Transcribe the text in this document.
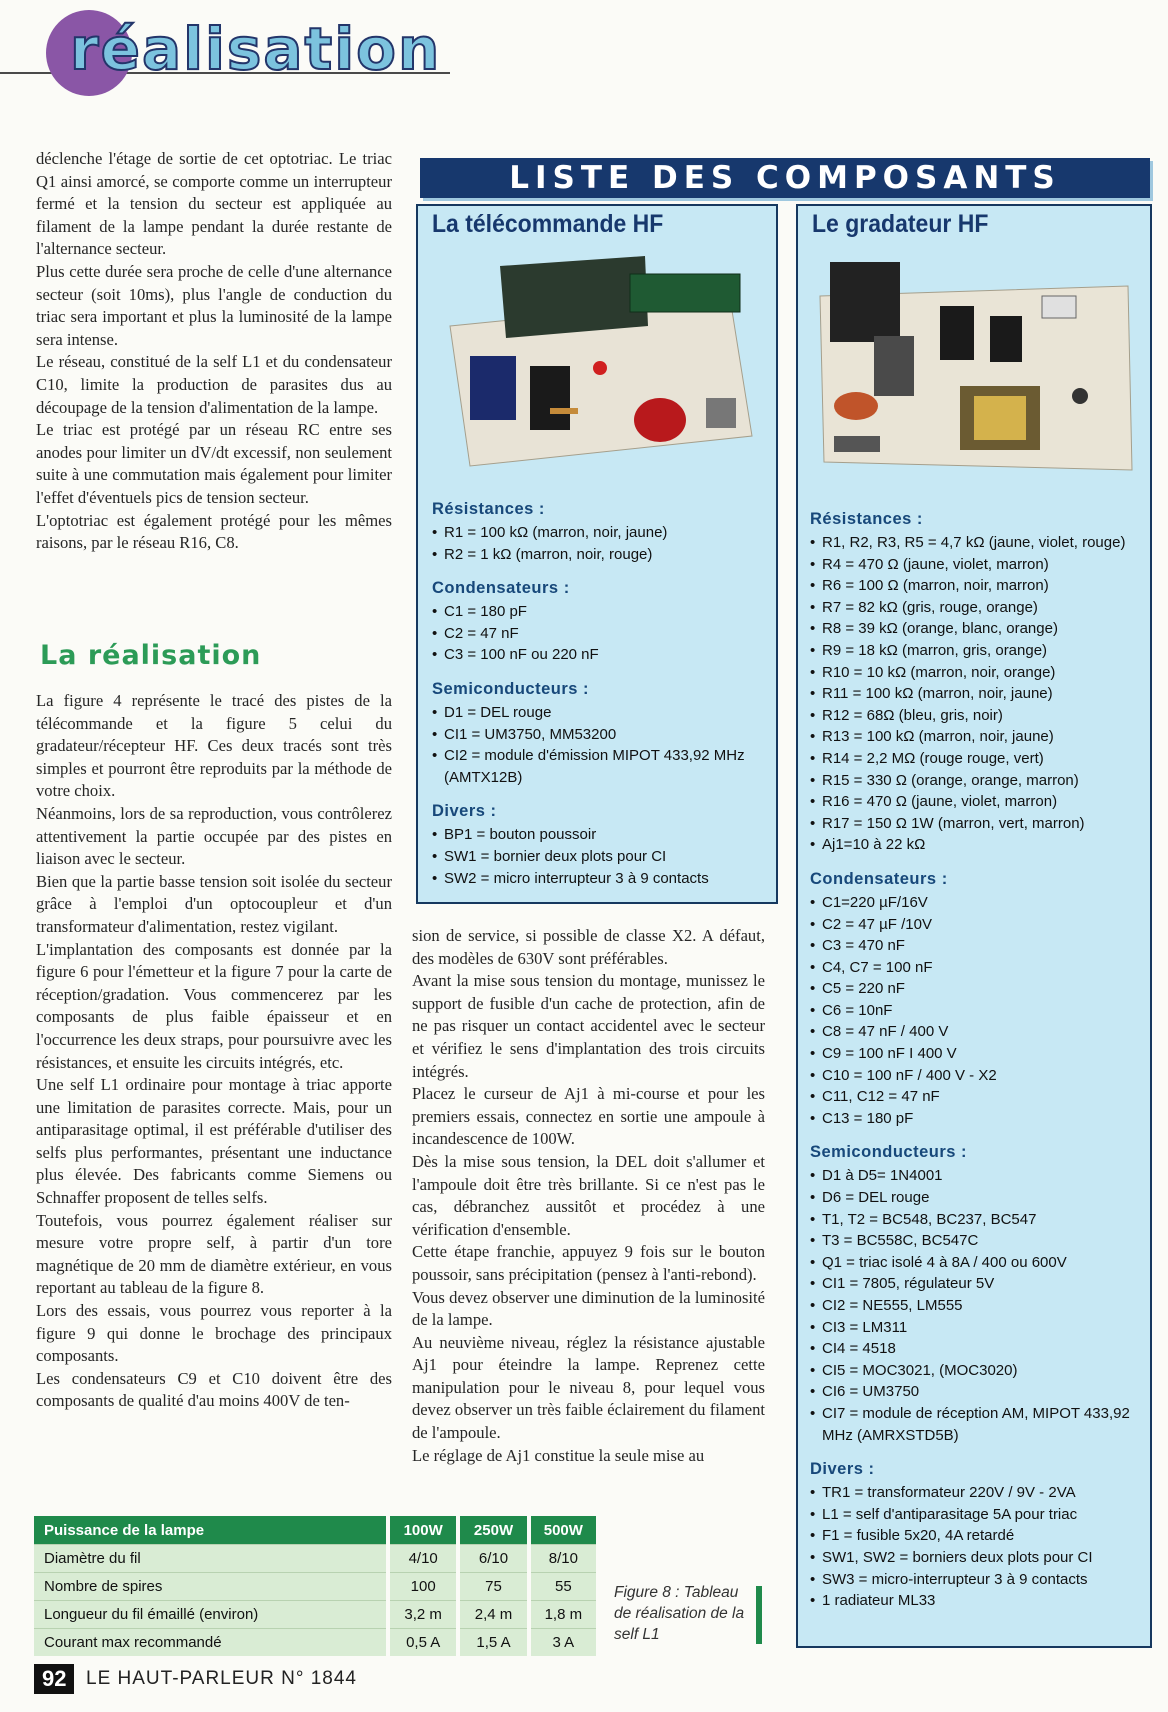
réalisation

déclenche l'étage de sortie de cet optotriac. Le triac Q1 ainsi amorcé, se comporte comme un interrupteur fermé et la tension du secteur est appliquée au filament de la lampe pendant la durée restante de l'alternance secteur.

Plus cette durée sera proche de celle d'une alternance secteur (soit 10ms), plus l'angle de conduction du triac sera important et plus la luminosité de la lampe sera intense.

Le réseau, constitué de la self L1 et du condensateur C10, limite la production de parasites dus au découpage de la tension d'alimentation de la lampe.

Le triac est protégé par un réseau RC entre ses anodes pour limiter un dV/dt excessif, non seulement suite à une commutation mais également pour limiter l'effet d'éventuels pics de tension secteur.

L'optotriac est également protégé pour les mêmes raisons, par le réseau R16, C8.

La réalisation

La figure 4 représente le tracé des pistes de la télécommande et la figure 5 celui du gradateur/récepteur HF. Ces deux tracés sont très simples et pourront être reproduits par la méthode de votre choix.

Néanmoins, lors de sa reproduction, vous contrôlerez attentivement la partie occupée par des pistes en liaison avec le secteur.

Bien que la partie basse tension soit isolée du secteur grâce à l'emploi d'un optocoupleur et d'un transformateur d'alimentation, restez vigilant.

L'implantation des composants est donnée par la figure 6 pour l'émetteur et la figure 7 pour la carte de réception/gradation. Vous commencerez par les composants de plus faible épaisseur et en l'occurrence les deux straps, pour poursuivre avec les résistances, et ensuite les circuits intégrés, etc.

Une self L1 ordinaire pour montage à triac apporte une limitation de parasites correcte. Mais, pour un antiparasitage optimal, il est préférable d'utiliser des selfs plus performantes, présentant une inductance plus élevée. Des fabricants comme Siemens ou Schnaffer proposent de telles selfs.

Toutefois, vous pourrez également réaliser sur mesure votre propre self, à partir d'un tore magnétique de 20 mm de diamètre extérieur, en vous reportant au tableau de la figure 8.

Lors des essais, vous pourrez vous reporter à la figure 9 qui donne le brochage des principaux composants.

Les condensateurs C9 et C10 doivent être des composants de qualité d'au moins 400V de ten-

sion de service, si possible de classe X2. A défaut, des modèles de 630V sont préférables.

Avant la mise sous tension du montage, munissez le support de fusible d'un cache de protection, afin de ne pas risquer un contact accidentel avec le secteur et vérifiez le sens d'implantation des trois circuits intégrés.

Placez le curseur de Aj1 à mi-course et pour les premiers essais, connectez en sortie une ampoule à incandescence de 100W.

Dès la mise sous tension, la DEL doit s'allumer et l'ampoule doit être très brillante. Si ce n'est pas le cas, débranchez aussitôt et procédez à une vérification d'ensemble.

Cette étape franchie, appuyez 9 fois sur le bouton poussoir, sans précipitation (pensez à l'anti-rebond).

Vous devez observer une diminution de la luminosité de la lampe.

Au neuvième niveau, réglez la résistance ajustable Aj1 pour éteindre la lampe. Reprenez cette manipulation pour le niveau 8, pour lequel vous devez observer un très faible éclairement du filament de l'ampoule.

Le réglage de Aj1 constitue la seule mise au

LISTE DES COMPOSANTS
La télécommande HF
Résistances :
• R1 = 100 kΩ (marron, noir, jaune)
• R2 = 1 kΩ (marron, noir, rouge)
Condensateurs :
• C1 = 180 pF
• C2 = 47 nF
• C3 = 100 nF ou 220 nF
Semiconducteurs :
• D1 = DEL rouge
• CI1 = UM3750, MM53200
• CI2 = module d'émission MIPOT 433,92 MHz (AMTX12B)
Divers :
• BP1 = bouton poussoir
• SW1 = bornier deux plots pour CI
• SW2 = micro interrupteur 3 à 9 contacts
Le gradateur HF
Résistances :
• R1, R2, R3, R5 = 4,7 kΩ (jaune, violet, rouge)
• R4 = 470 Ω (jaune, violet, marron)
• R6 = 100 Ω (marron, noir, marron)
• R7 = 82 kΩ (gris, rouge, orange)
• R8 = 39 kΩ (orange, blanc, orange)
• R9 = 18 kΩ (marron, gris, orange)
• R10 = 10 kΩ (marron, noir, orange)
• R11 = 100 kΩ (marron, noir, jaune)
• R12 = 68Ω (bleu, gris, noir)
• R13 = 100 kΩ (marron, noir, jaune)
• R14 = 2,2 MΩ (rouge rouge, vert)
• R15 = 330 Ω (orange, orange, marron)
• R16 = 470 Ω (jaune, violet, marron)
• R17 = 150 Ω 1W (marron, vert, marron)
• Aj1=10 à 22 kΩ
Condensateurs :
• C1=220 µF/16V
• C2 = 47 µF /10V
• C3 = 470 nF
• C4, C7 = 100 nF
• C5 = 220 nF
• C6 = 10nF
• C8 = 47 nF / 400 V
• C9 = 100 nF I 400 V
• C10 = 100 nF / 400 V - X2
• C11, C12 = 47 nF
• C13 = 180 pF
Semiconducteurs :
• D1 à D5= 1N4001
• D6 = DEL rouge
• T1, T2 = BC548, BC237, BC547
• T3 = BC558C, BC547C
• Q1 = triac isolé 4 à 8A / 400 ou 600V
• CI1 = 7805, régulateur 5V
• CI2 = NE555, LM555
• CI3 = LM311
• CI4 = 4518
• CI5 = MOC3021, (MOC3020)
• CI6 = UM3750
• CI7 = module de réception AM, MIPOT 433,92 MHz (AMRXSTD5B)
Divers :
• TR1 = transformateur 220V / 9V - 2VA
• L1 = self d'antiparasitage 5A pour triac
• F1 = fusible 5x20, 4A retardé
• SW1, SW2 = borniers deux plots pour CI
• SW3 = micro-interrupteur 3 à 9 contacts
• 1 radiateur ML33
Puissance de la lampe	100W	250W	500W
Diamètre du fil	4/10	6/10	8/10
Nombre de spires	100	75	55
Longueur du fil émaillé (environ)	3,2 m	2,4 m	1,8 m
Courant max recommandé	0,5 A	1,5 A	3 A
Figure 8 : Tableau de réalisation de la self L1
92	LE HAUT-PARLEUR N° 1844
